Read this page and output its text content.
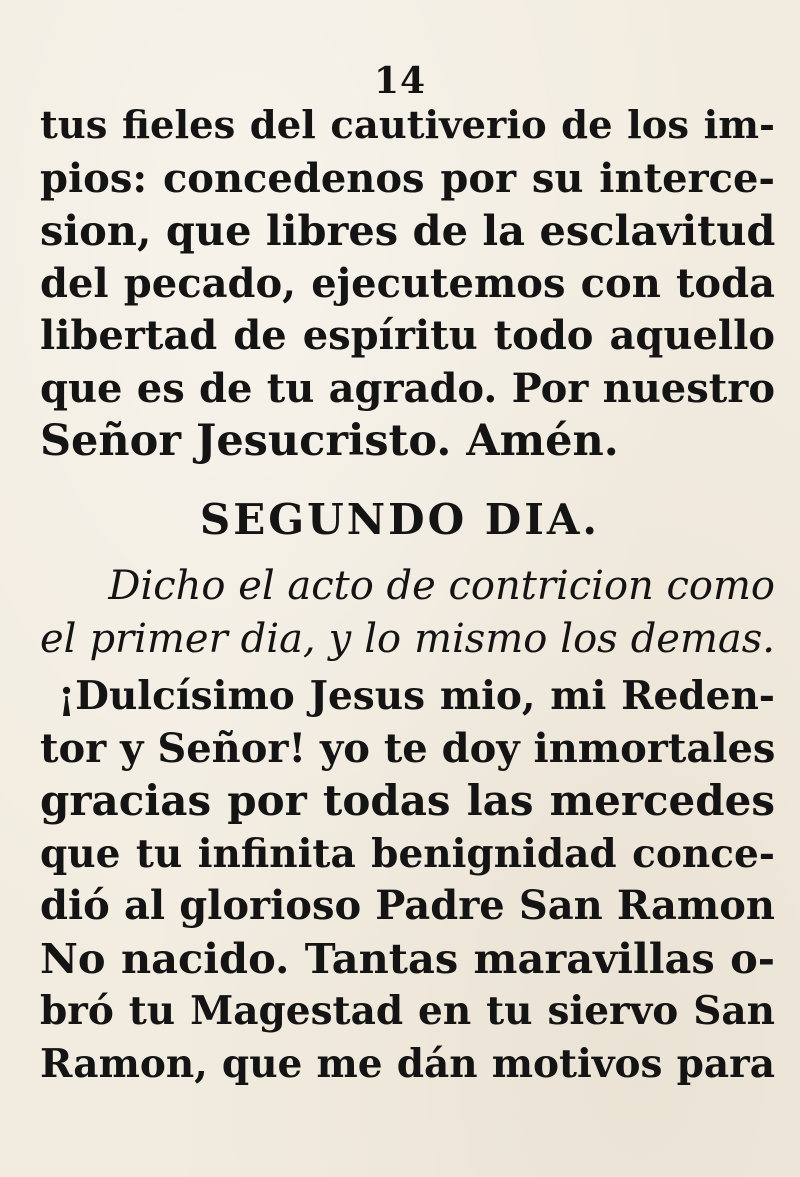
14
tus fieles del cautiverio de los im-
pios: concedenos por su interce-
sion, que libres de la esclavitud
del pecado, ejecutemos con toda
libertad de espíritu todo aquello
que es de tu agrado. Por nuestro
Señor Jesucristo. Amén.
SEGUNDO DIA.
Dicho el acto de contricion como
el primer dia, y lo mismo los demas.
¡Dulcísimo Jesus mio, mi Reden-
tor y Señor! yo te doy inmortales
gracias por todas las mercedes
que tu infinita benignidad conce-
dió al glorioso Padre San Ramon
No nacido. Tantas maravillas o-
bró tu Magestad en tu siervo San
Ramon, que me dán motivos para
